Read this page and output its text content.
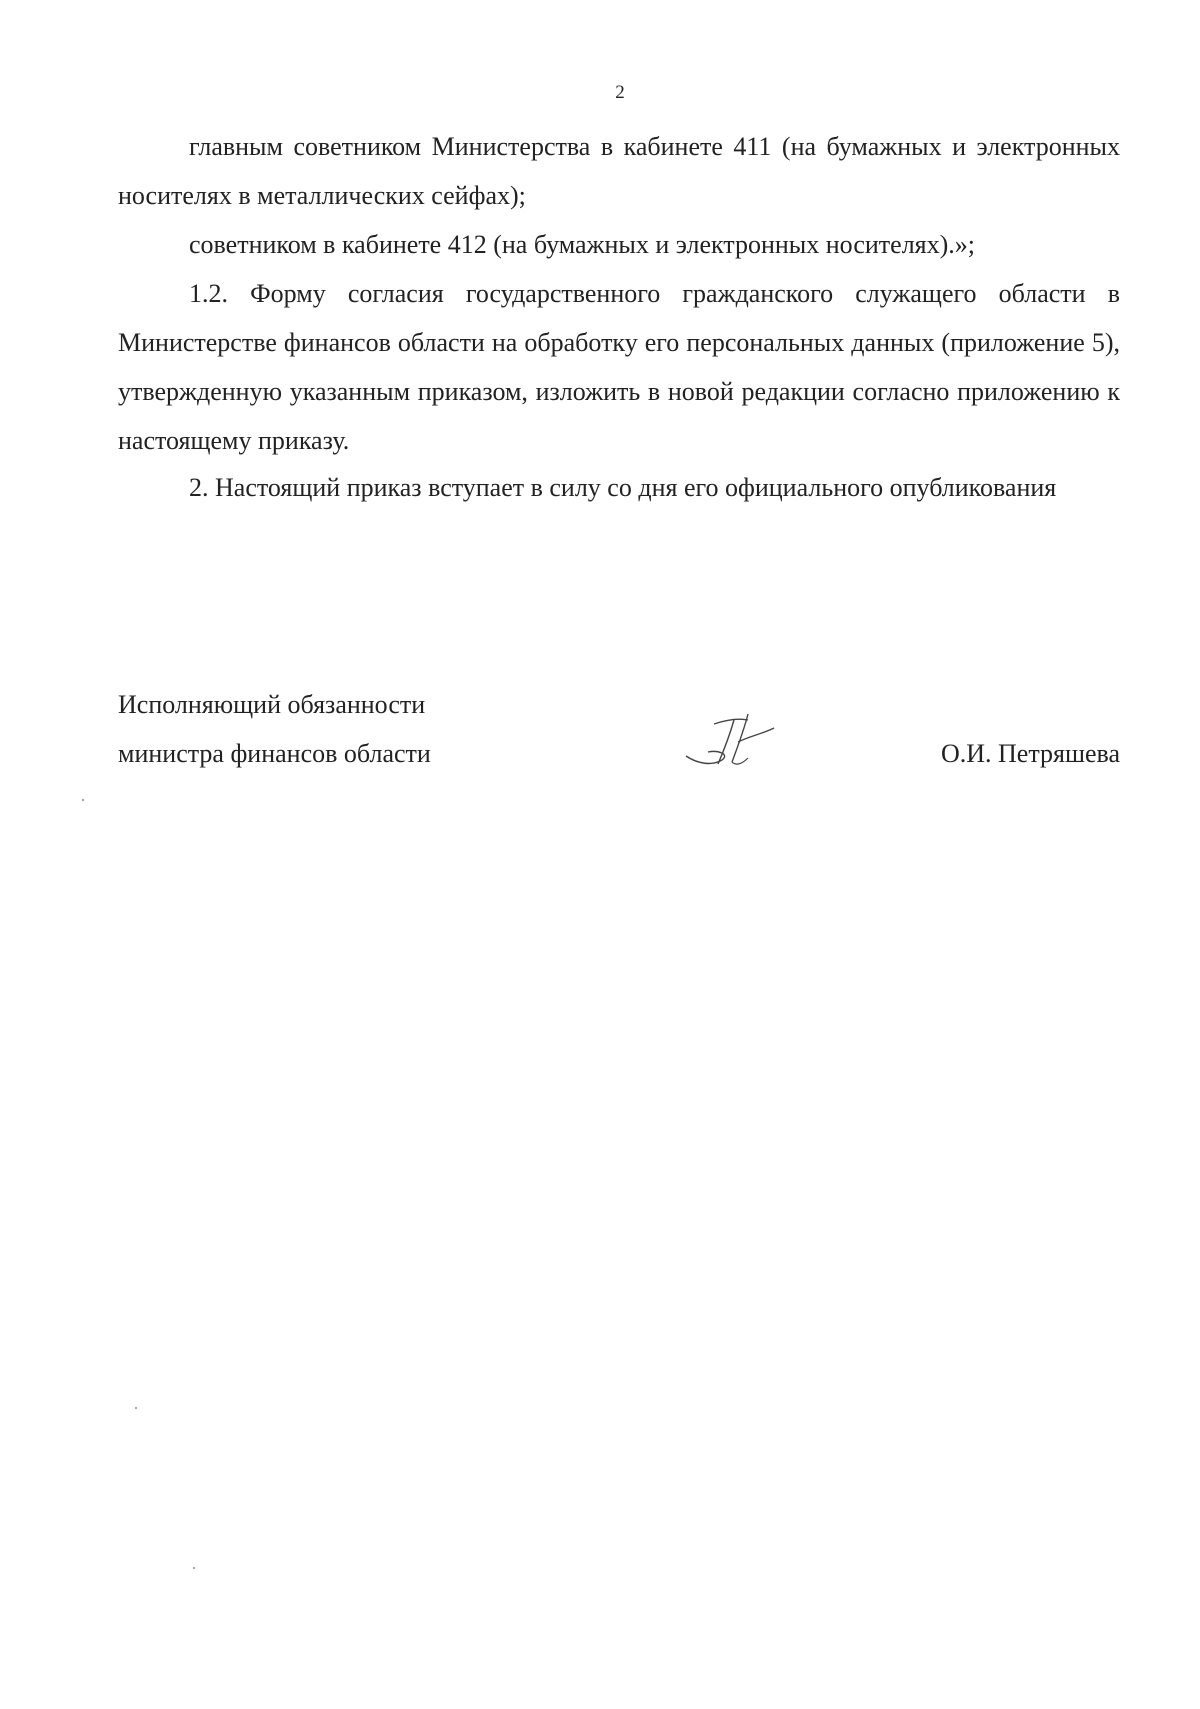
2

главным советником Министерства в кабинете 411 (на бумажных и электронных носителях в металлических сейфах);

советником в кабинете 412 (на бумажных и электронных носителях).»;

1.2. Форму согласия государственного гражданского служащего области в Министерстве финансов области на обработку его персональных данных (приложение 5), утвержденную указанным приказом, изложить в новой редакции согласно приложению к настоящему приказу.

2. Настоящий приказ вступает в силу со дня его официального опубликования

Исполняющий обязанности
министра финансов области	О.И. Петряшева
